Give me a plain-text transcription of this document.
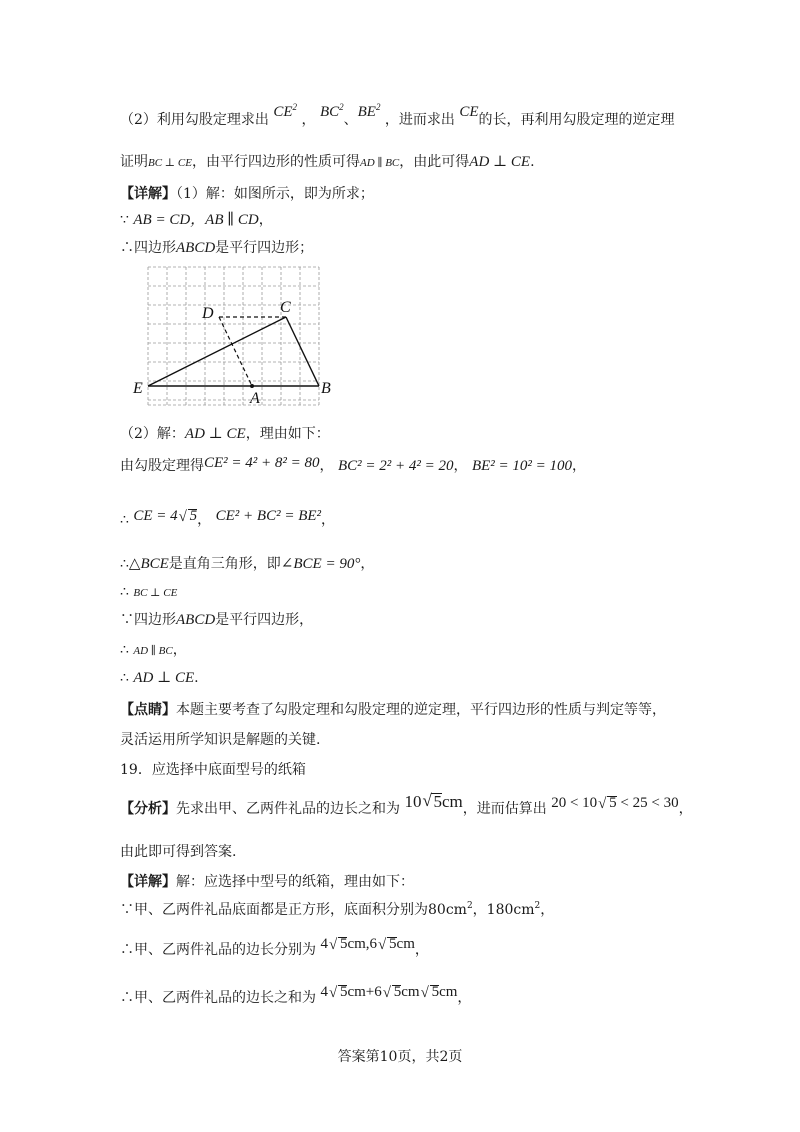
（2）利用勾股定理求出 $CE^2$ ， $BC^2$、$BE^2$ ，进而求出 CE的长，再利用勾股定理的逆定理
证明BC ⊥ CE，由平行四边形的性质可得AD ∥ BC，由此可得AD ⊥ CE.
【详解】（1）解：如图所示，即为所求；
∵ AB = CD，AB ∥ CD，
∴四边形ABCD是平行四边形；
D	C
E
A
B
（2）解：AD ⊥ CE，理由如下：
由勾股定理得CE² = 4² + 8² = 80， BC² = 2² + 4² = 20， BE² = 10² = 100，
∴ CE = 4 √ 5， CE² + BC² = BE²，
∴△BCE是直角三角形，即∠BCE = 90°，
∴ BC ⊥ CE
∵四边形ABCD是平行四边形，
∴ AD ∥ BC，
∴ AD ⊥ CE.
【点睛】本题主要考查了勾股定理和勾股定理的逆定理，平行四边形的性质与判定等等，
灵活运用所学知识是解题的关键.
19．应选择中底面型号的纸箱
【分析】先求出甲、乙两件礼品的边长之和为 10 √ 5cm，进而估算出 20 < 10 √ 5 < 25 < 30，
由此即可得到答案.
【详解】解：应选择中型号的纸箱，理由如下：
∵甲、乙两件礼品底面都是正方形，底面积分别为$80cm^2$，$180cm^2$，
∴甲、乙两件礼品的边长分别为 4 √ 5cm,6 √ 5cm，
∴甲、乙两件礼品的边长之和为 4 √ 5cm+6 √ 5cm √ 5cm，
答案第10页，共2页
